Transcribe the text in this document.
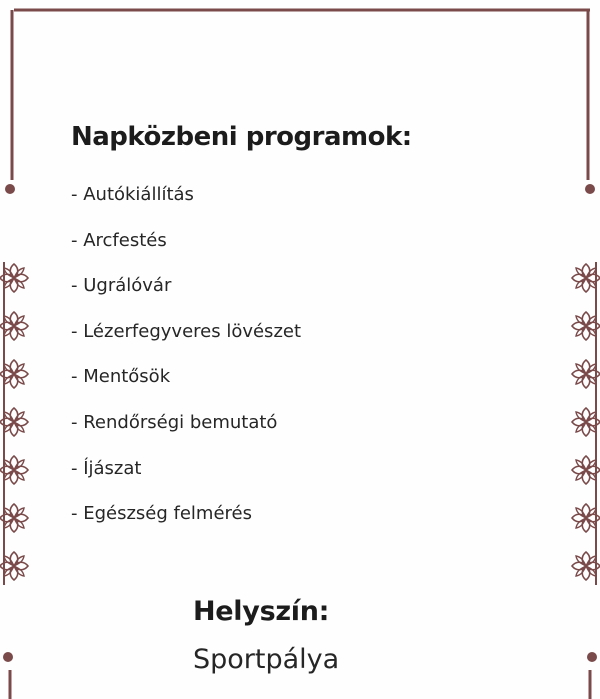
Napközbeni programok:
- Autókiállítás
- Arcfestés
- Ugrálóvár
- Lézerfegyveres lövészet
- Mentősök
- Rendőrségi bemutató
- Íjászat
- Egészség felmérés
Helyszín:
Sportpálya
